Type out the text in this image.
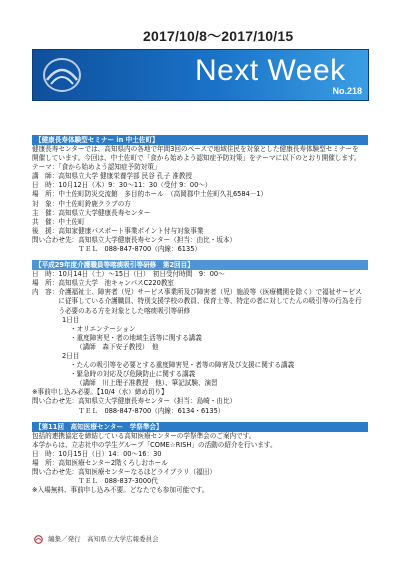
2017/10/8～2017/10/15
Next Week
No.218
【健康長寿体験型セミナー in 中土佐町】
健康長寿センターでは、高知県内の各地で年間3回のペースで地域住民を対象とした健康長寿体験型セミナーを
開催しています。今回は、中土佐町で「食から始めよう認知症予防対策」をテーマに以下のとおり開催します。
テーマ：「食から始めよう認知症予防対策」
講　師：高知県立大学 健康栄養学部 民谷 孔子 准教授
日　時：10月12日（木）9：30～11：30（受付 9：00～）
場　所：中土佐町防災交流館　多目的ホール　（高岡郡中土佐町久礼6584－1）
対　象：中土佐町鈴鹿クラブの方
主　催：高知県立大学健康長寿センター
共　催：中土佐町
後　援：高知家健康パスポート事業ポイント付与対象事業
問い合わせ先：高知県立大学健康長寿センター（担当：由比・坂本）
　　　　　　　ＴＥＬ　088-847-8700（内線：6135）
【平成29年度介護職員等喀痰吸引等研修　第2回目】
日　時：10月14日（土）～15日（日）　初日受付時間　9：00～
場　所：高知県立大学　池キャンパスC220教室
内　容：介護福祉士、障害者（児）サービス事業所及び障害者（児）施設等（医療機関を除く）で福祉サービス
　　　　に従事している介護職員、特別支援学校の教員、保育士等、特定の者に対してたんの吸引等の行為を行
　　　　う必要のある方を対象とした喀痰吸引等研修
1日目
・オリエンテーション
・重度障害児・者の地域生活等に関する講義
（講師　森下安子教授）　他
2日目
・たんの吸引等を必要とする重度障害児・者等の障害及び支援に関する講義
・緊急時の対応及び危険防止に関する講義
（講師　川上理子准教授　他）、筆記試験、演習
※事前申し込み必要。【10/4（水）締め切り】
問い合わせ先：高知県立大学健康長寿センター（担当：島崎・由比）
　　　　　　　ＴＥＬ　088-847-8700（内線：6134・6135）
【第11回　高知医療センター　学祭準会】
包括的連携協定を締結している高知医療センターの学祭準会のご案内です。
本学からは、立志社中の学生グループ「COME☆RISH」の活動の紹介を行います。
日　時：10月15日（日）14：00～16：30
場　所：高知医療センター2階くろしおホール
問い合わせ先：高知医療センターなるほどライブラリ（福田）
　　　　　　　ＴＥＬ　088-837-3000代
※入場無料、事前申し込み不要。どなたでも参加可能です。
編集／発行　高知県立大学広報委員会
